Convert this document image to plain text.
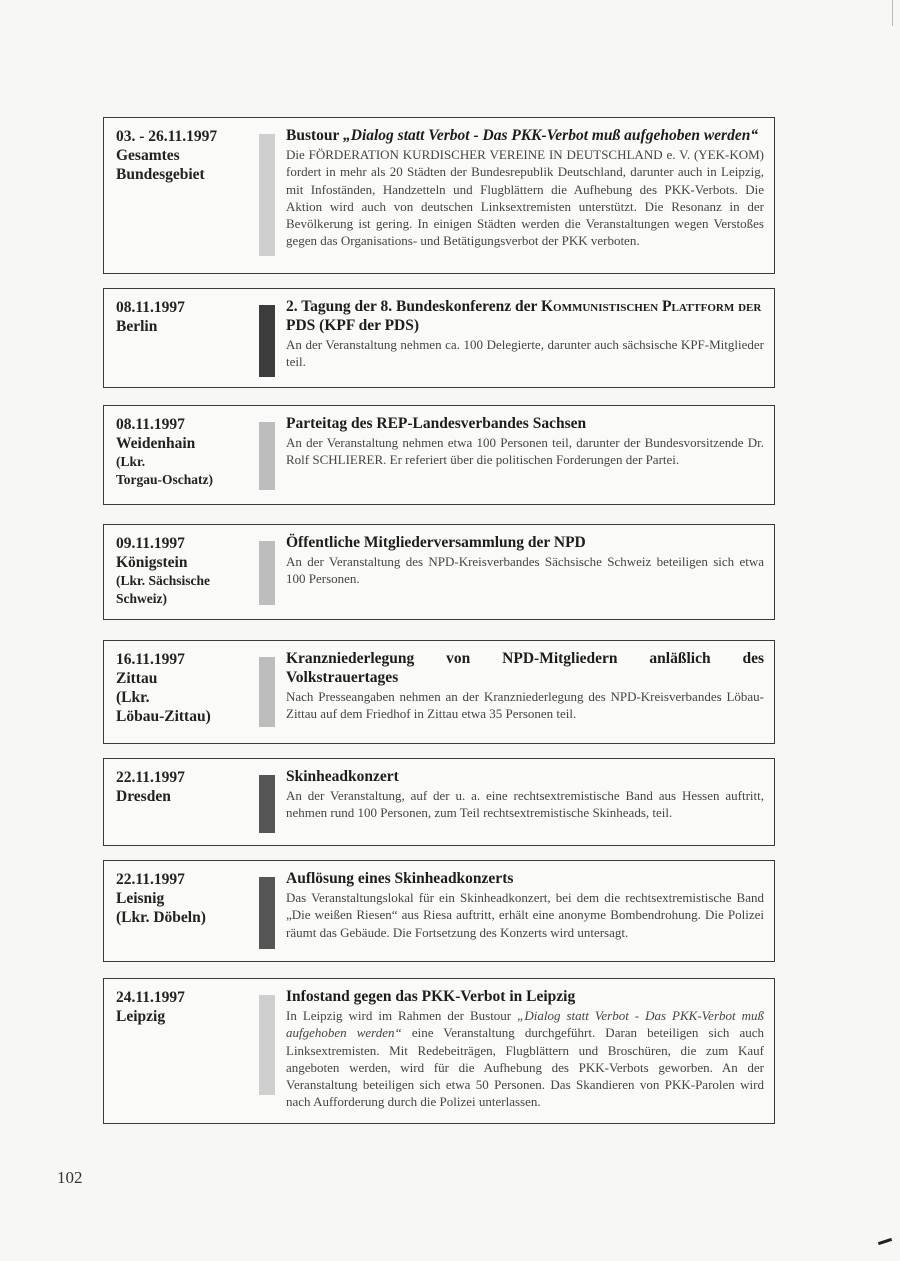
03. - 26.11.1997
Gesamtes
Bundesgebiet
Bustour „Dialog statt Verbot - Das PKK-Verbot muß aufgehoben werden“
Die FÖRDERATION KURDISCHER VEREINE IN DEUTSCHLAND e. V. (YEK-KOM) fordert in mehr als 20 Städten der Bundesrepublik Deutschland, darunter auch in Leipzig, mit Infoständen, Handzetteln und Flugblättern die Aufhebung des PKK-Verbots. Die Aktion wird auch von deutschen Linksextremisten unterstützt. Die Resonanz in der Bevölkerung ist gering. In einigen Städten werden die Veranstaltungen wegen Verstoßes gegen das Organisations- und Betätigungsverbot der PKK verboten.
08.11.1997
Berlin
2. Tagung der 8. Bundeskonferenz der Kommunistischen Plattform der
PDS (KPF der PDS)
An der Veranstaltung nehmen ca. 100 Delegierte, darunter auch sächsische KPF-Mitglieder teil.
08.11.1997
Weidenhain
(Lkr.
Torgau-Oschatz)
Parteitag des REP-Landesverbandes Sachsen
An der Veranstaltung nehmen etwa 100 Personen teil, darunter der Bundesvorsitzende Dr. Rolf SCHLIERER. Er referiert über die politischen Forderungen der Partei.
09.11.1997
Königstein
(Lkr. Sächsische
Schweiz)
Öffentliche Mitgliederversammlung der NPD
An der Veranstaltung des NPD-Kreisverbandes Sächsische Schweiz beteiligen sich etwa 100 Personen.
16.11.1997
Zittau
(Lkr.
Löbau-Zittau)
Kranzniederlegung von NPD-Mitgliedern anläßlich des Volkstrauertages
Nach Presseangaben nehmen an der Kranzniederlegung des NPD-Kreisverbandes Löbau-Zittau auf dem Friedhof in Zittau etwa 35 Personen teil.
22.11.1997
Dresden
Skinheadkonzert
An der Veranstaltung, auf der u. a. eine rechtsextremistische Band aus Hessen auftritt, nehmen rund 100 Personen, zum Teil rechtsextremistische Skinheads, teil.
22.11.1997
Leisnig
(Lkr. Döbeln)
Auflösung eines Skinheadkonzerts
Das Veranstaltungslokal für ein Skinheadkonzert, bei dem die rechtsextremistische Band „Die weißen Riesen“ aus Riesa auftritt, erhält eine anonyme Bombendrohung. Die Polizei räumt das Gebäude. Die Fortsetzung des Konzerts wird untersagt.
24.11.1997
Leipzig
Infostand gegen das PKK-Verbot in Leipzig
In Leipzig wird im Rahmen der Bustour „Dialog statt Verbot - Das PKK-Verbot muß aufgehoben werden“ eine Veranstaltung durchgeführt. Daran beteiligen sich auch Linksextremisten. Mit Redebeiträgen, Flugblättern und Broschüren, die zum Kauf angeboten werden, wird für die Aufhebung des PKK-Verbots geworben. An der Veranstaltung beteiligen sich etwa 50 Personen. Das Skandieren von PKK-Parolen wird nach Aufforderung durch die Polizei unterlassen.
102
